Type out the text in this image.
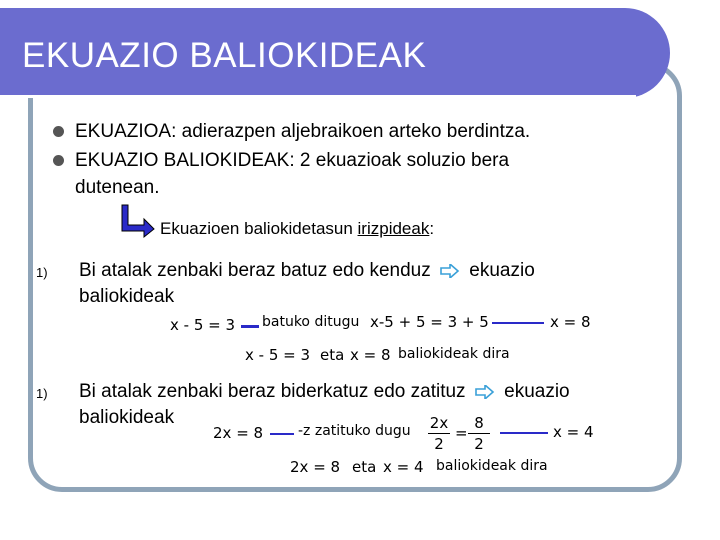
EKUAZIO BALIOKIDEAK
EKUAZIOA: adierazpen aljebraikoen arteko berdintza.
EKUAZIO BALIOKIDEAK: 2 ekuazioak soluzio bera
dutenean.
Ekuazioen baliokidetasun irizpideak:
1) Bi atalak zenbaki beraz batuz edo kenduz ekuazio
baliokideak
x - 5 = 3 batuko ditugu x-5 + 5 = 3 + 5	x = 8
x - 5 = 3 eta x = 8 baliokideak dira
1) Bi atalak zenbaki beraz biderkatuz edo zatituz ekuazio
baliokideak
2x = 8 -z zatituko dugu 2x
2
=
8
2
x = 4
2x = 8 eta x = 4 baliokideak dira
